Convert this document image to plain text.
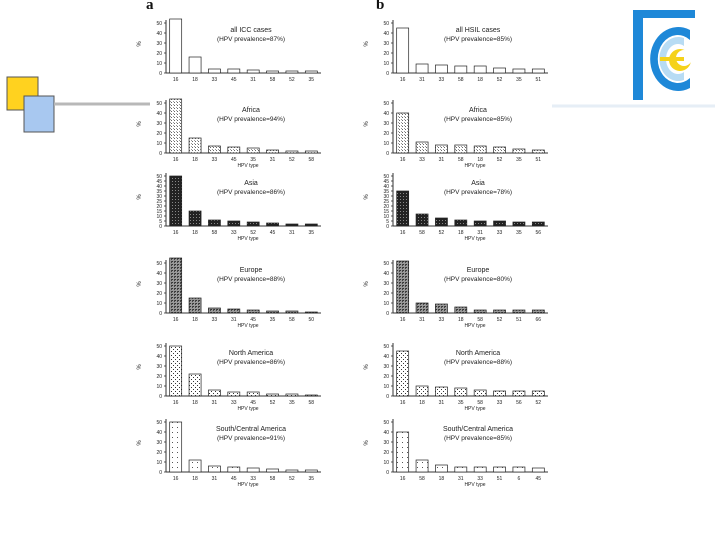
a	b
0
10
20
30
40
50
%
16	18	33	45	31	58	52	35
all ICC cases
(HPV prevalence=87%)
0
10
20
30
40
50
%
16	31	33	58	18	52	35	51
all HSIL cases
(HPV prevalence=85%)
0
10
20
30
40
50
%
16	18	33	45	35	31	52	58
HPV type
Africa
(HPV prevalence=94%)
0
10
20
30
40
50
%
16	33	31	58	18	52	35	51
HPV type
Africa
(HPV prevalence=85%)
0
5
10
15
20
25
30
35
40
45
50
%
16	18	58	33	52	45	31	35
HPV type
Asia
(HPV prevalence=86%)
0
5
10
15
20
25
30
35
40
45
50
%
16	58	52	18	31	33	35	56
HPV type
Asia
(HPV prevalence=78%)
0
10
20
30
40
50
%
16	18	33	31	45	35	58	50
HPV type
Europe
(HPV prevalence=88%)
0
10
20
30
40
50
%
16	31	33	18	58	52	51	66
HPV type
Europe
(HPV prevalence=80%)
0
10
20
30
40
50
%
16	18	31	33	45	52	35	58
HPV type
North America
(HPV prevalence=86%)
0
10
20
30
40
50
%
16	18	31	35	58	33	56	52
HPV type
North America
(HPV prevalence=88%)
0
10
20
30
40
50
%
16	18	31	45	33	58	52	35
HPV type
South/Central America
(HPV prevalence=91%)
0
10
20
30
40
50
%
16	58	18	31	33	51	6	45
HPV type
South/Central America
(HPV prevalence=85%)
